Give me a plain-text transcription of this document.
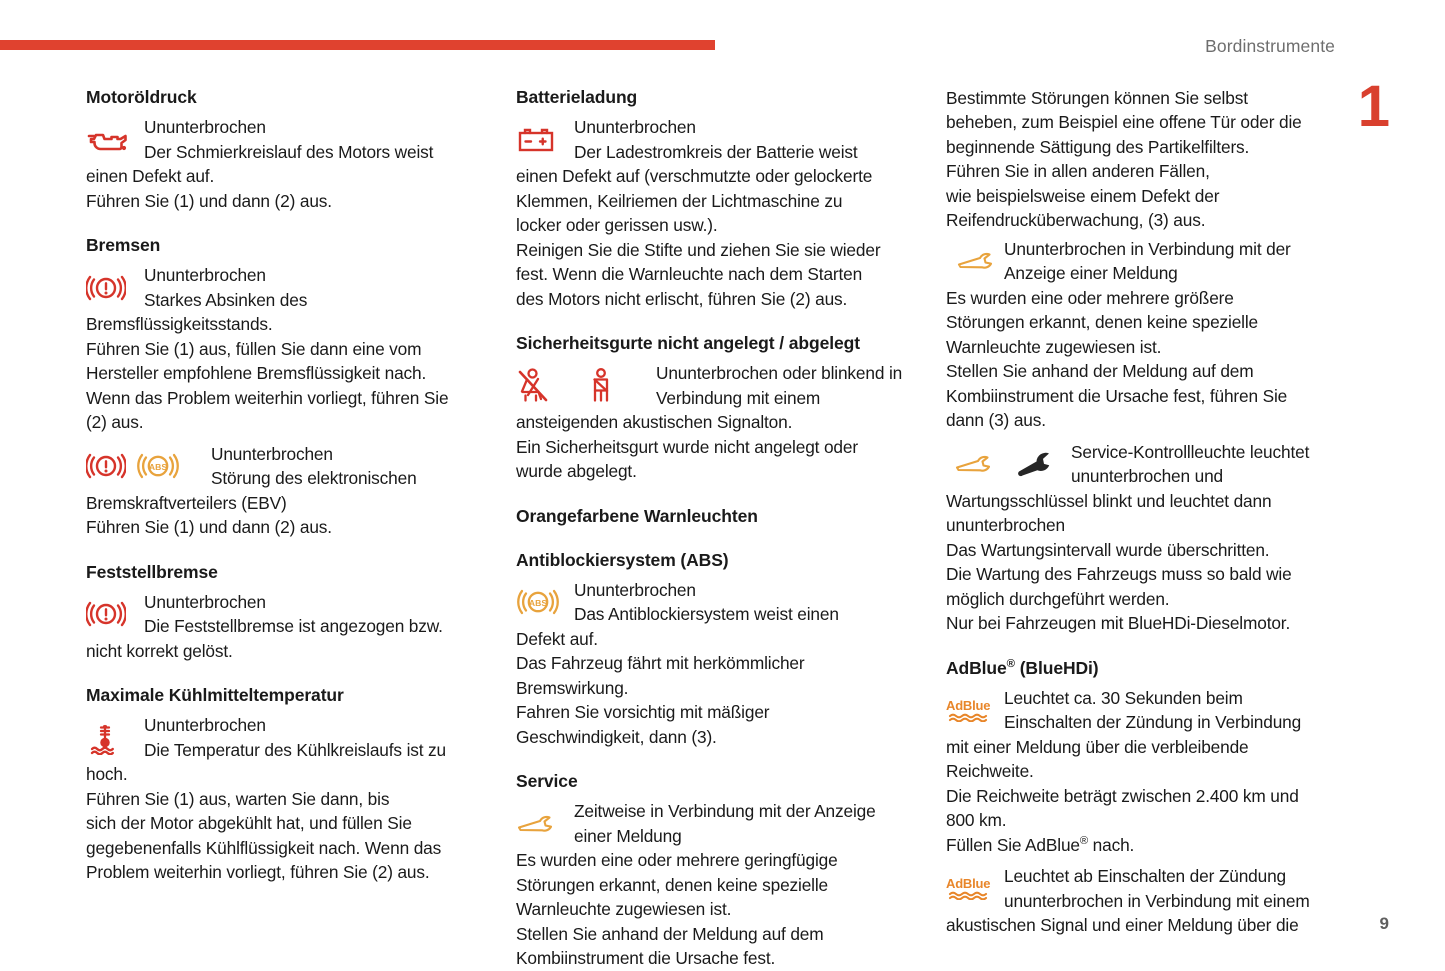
Bordinstrumente
1
9
Motoröldruck

Ununterbrochen
Der Schmierkreislauf des Motors weist
einen Defekt auf.
Führen Sie (1) und dann (2) aus.

Bremsen

Ununterbrochen
Starkes Absinken des
Bremsflüssigkeitsstands.
Führen Sie (1) aus, füllen Sie dann eine vom
Hersteller empfohlene Bremsflüssigkeit nach.
Wenn das Problem weiterhin vorliegt, führen Sie
(2) aus.

ABS

Ununterbrochen
Störung des elektronischen
Bremskraftverteilers (EBV)
Führen Sie (1) und dann (2) aus.

Feststellbremse

Ununterbrochen
Die Feststellbremse ist angezogen bzw.
nicht korrekt gelöst.

Maximale Kühlmitteltemperatur

Ununterbrochen
Die Temperatur des Kühlkreislaufs ist zu
hoch.
Führen Sie (1) aus, warten Sie dann, bis
sich der Motor abgekühlt hat, und füllen Sie
gegebenenfalls Kühlflüssigkeit nach. Wenn das
Problem weiterhin vorliegt, führen Sie (2) aus.

Batterieladung

Ununterbrochen
Der Ladestromkreis der Batterie weist
einen Defekt auf (verschmutzte oder gelockerte
Klemmen, Keilriemen der Lichtmaschine zu
locker oder gerissen usw.).
Reinigen Sie die Stifte und ziehen Sie sie wieder
fest. Wenn die Warnleuchte nach dem Starten
des Motors nicht erlischt, führen Sie (2) aus.

Sicherheitsgurte nicht angelegt / abgelegt

Ununterbrochen oder blinkend in
Verbindung mit einem
ansteigenden akustischen Signalton.
Ein Sicherheitsgurt wurde nicht angelegt oder
wurde abgelegt.

Orangefarbene Warnleuchten
Antiblockiersystem (ABS)
ABS

Ununterbrochen
Das Antiblockiersystem weist einen
Defekt auf.
Das Fahrzeug fährt mit herkömmlicher
Bremswirkung.
Fahren Sie vorsichtig mit mäßiger
Geschwindigkeit, dann (3).

Service

Zeitweise in Verbindung mit der Anzeige
einer Meldung
Es wurden eine oder mehrere geringfügige
Störungen erkannt, denen keine spezielle
Warnleuchte zugewiesen ist.
Stellen Sie anhand der Meldung auf dem
Kombiinstrument die Ursache fest.

Bestimmte Störungen können Sie selbst
beheben, zum Beispiel eine offene Tür oder die
beginnende Sättigung des Partikelfilters.
Führen Sie in allen anderen Fällen,
wie beispielsweise einem Defekt der
Reifendrucküberwachung, (3) aus.

Ununterbrochen in Verbindung mit der
Anzeige einer Meldung
Es wurden eine oder mehrere größere
Störungen erkannt, denen keine spezielle
Warnleuchte zugewiesen ist.
Stellen Sie anhand der Meldung auf dem
Kombiinstrument die Ursache fest, führen Sie
dann (3) aus.

Service-Kontrollleuchte leuchtet
ununterbrochen und
Wartungsschlüssel blinkt und leuchtet dann
ununterbrochen
Das Wartungsintervall wurde überschritten.
Die Wartung des Fahrzeugs muss so bald wie
möglich durchgeführt werden.
Nur bei Fahrzeugen mit BlueHDi-Dieselmotor.

AdBlue® (BlueHDi)
AdBlue Leuchtet ca. 30 Sekunden beim
Einschalten der Zündung in Verbindung
mit einer Meldung über die verbleibende
Reichweite.
Die Reichweite beträgt zwischen 2.400 km und
800 km.
Füllen Sie AdBlue® nach.

AdBlue Leuchtet ab Einschalten der Zündung
ununterbrochen in Verbindung mit einem
akustischen Signal und einer Meldung über die
